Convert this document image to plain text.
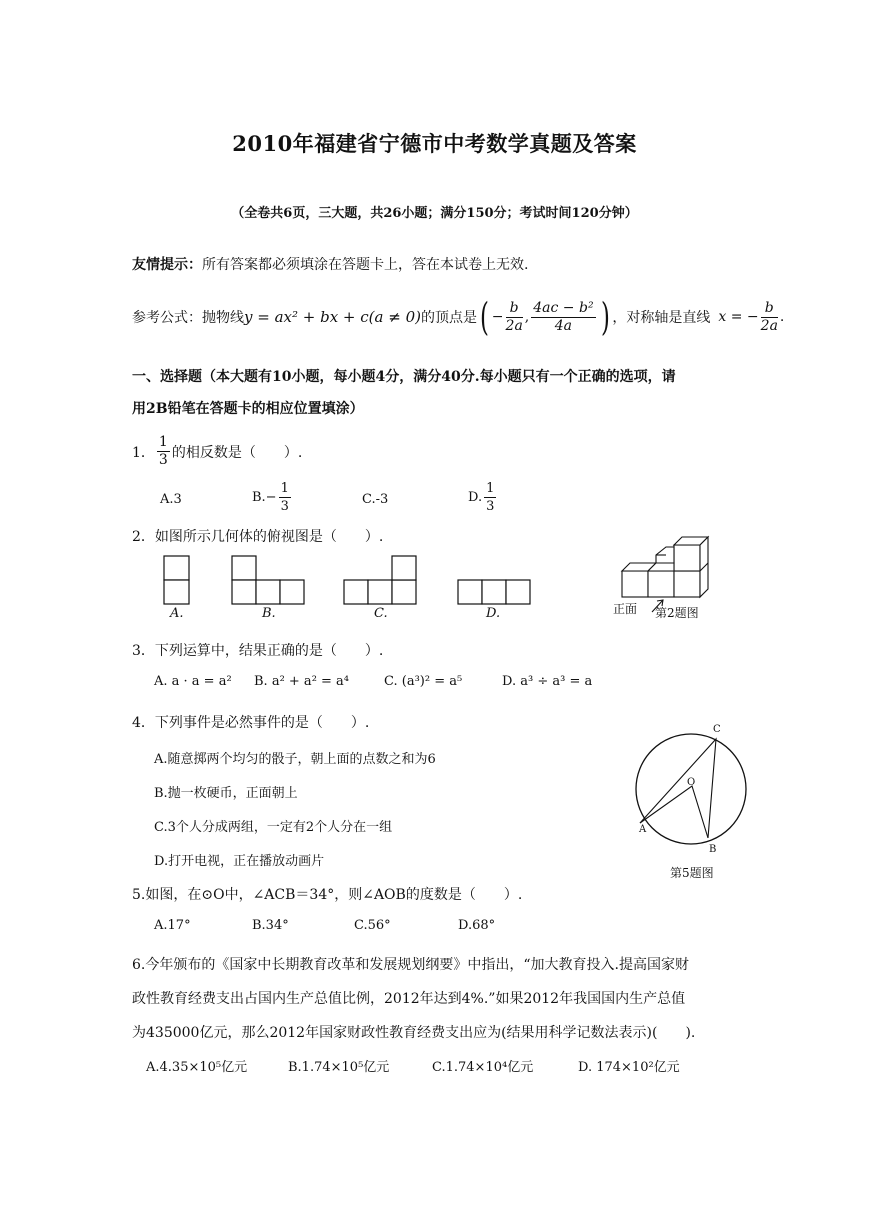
2010年福建省宁德市中考数学真题及答案
（全卷共6页，三大题，共26小题；满分150分；考试时间120分钟）
友情提示：所有答案都必须填涂在答题卡上，答在本试卷上无效.
参考公式：抛物线 y = ax² + bx + c(a ≠ 0) 的顶点是 ( − $\frac{b}{2a}$ , $\frac{\text{4ac − b²}}{4a}$ ) ，对称轴是直线 x = − $\frac{b}{2a}$ .
一、选择题（本大题有10小题，每小题4分，满分40分.每小题只有一个正确的选项，请
用2B铅笔在答题卡的相应位置填涂）
1． $\frac{1}{3}$ 的相反数是（　　）.
A.3	$B.- \frac{1}{3}$	C.-3	D. $\frac{1}{3}$
2．如图所示几何体的俯视图是（　　）.
A.	B.	C.	D.	正面 第2题图
3．下列运算中，结果正确的是（　　）.
A. a · a = a² B. a² + a² = a⁴	C. (a³)² = a⁵	D. a³ ÷ a³ = a
4．下列事件是必然事件的是（　　）.
A.随意掷两个均匀的骰子，朝上面的点数之和为6
B.抛一枚硬币，正面朝上
C.3个人分成两组，一定有2个人分在一组
D.打开电视，正在播放动画片
C
O
A
B
第5题图
5.如图，在⊙O中，∠ACB＝34°，则∠AOB的度数是（　　）.
A.17°	B.34°	C.56°	D.68°
6.今年颁布的《国家中长期教育改革和发展规划纲要》中指出，“加大教育投入.提高国家财
政性教育经费支出占国内生产总值比例，2012年达到4%.”如果2012年我国国内生产总值
为435000亿元，那么2012年国家财政性教育经费支出应为(结果用科学记数法表示)(　　).
A.4.35×10⁵亿元	B.1.74×10⁵亿元	C.1.74×10⁴亿元	D. 174×10²亿元
